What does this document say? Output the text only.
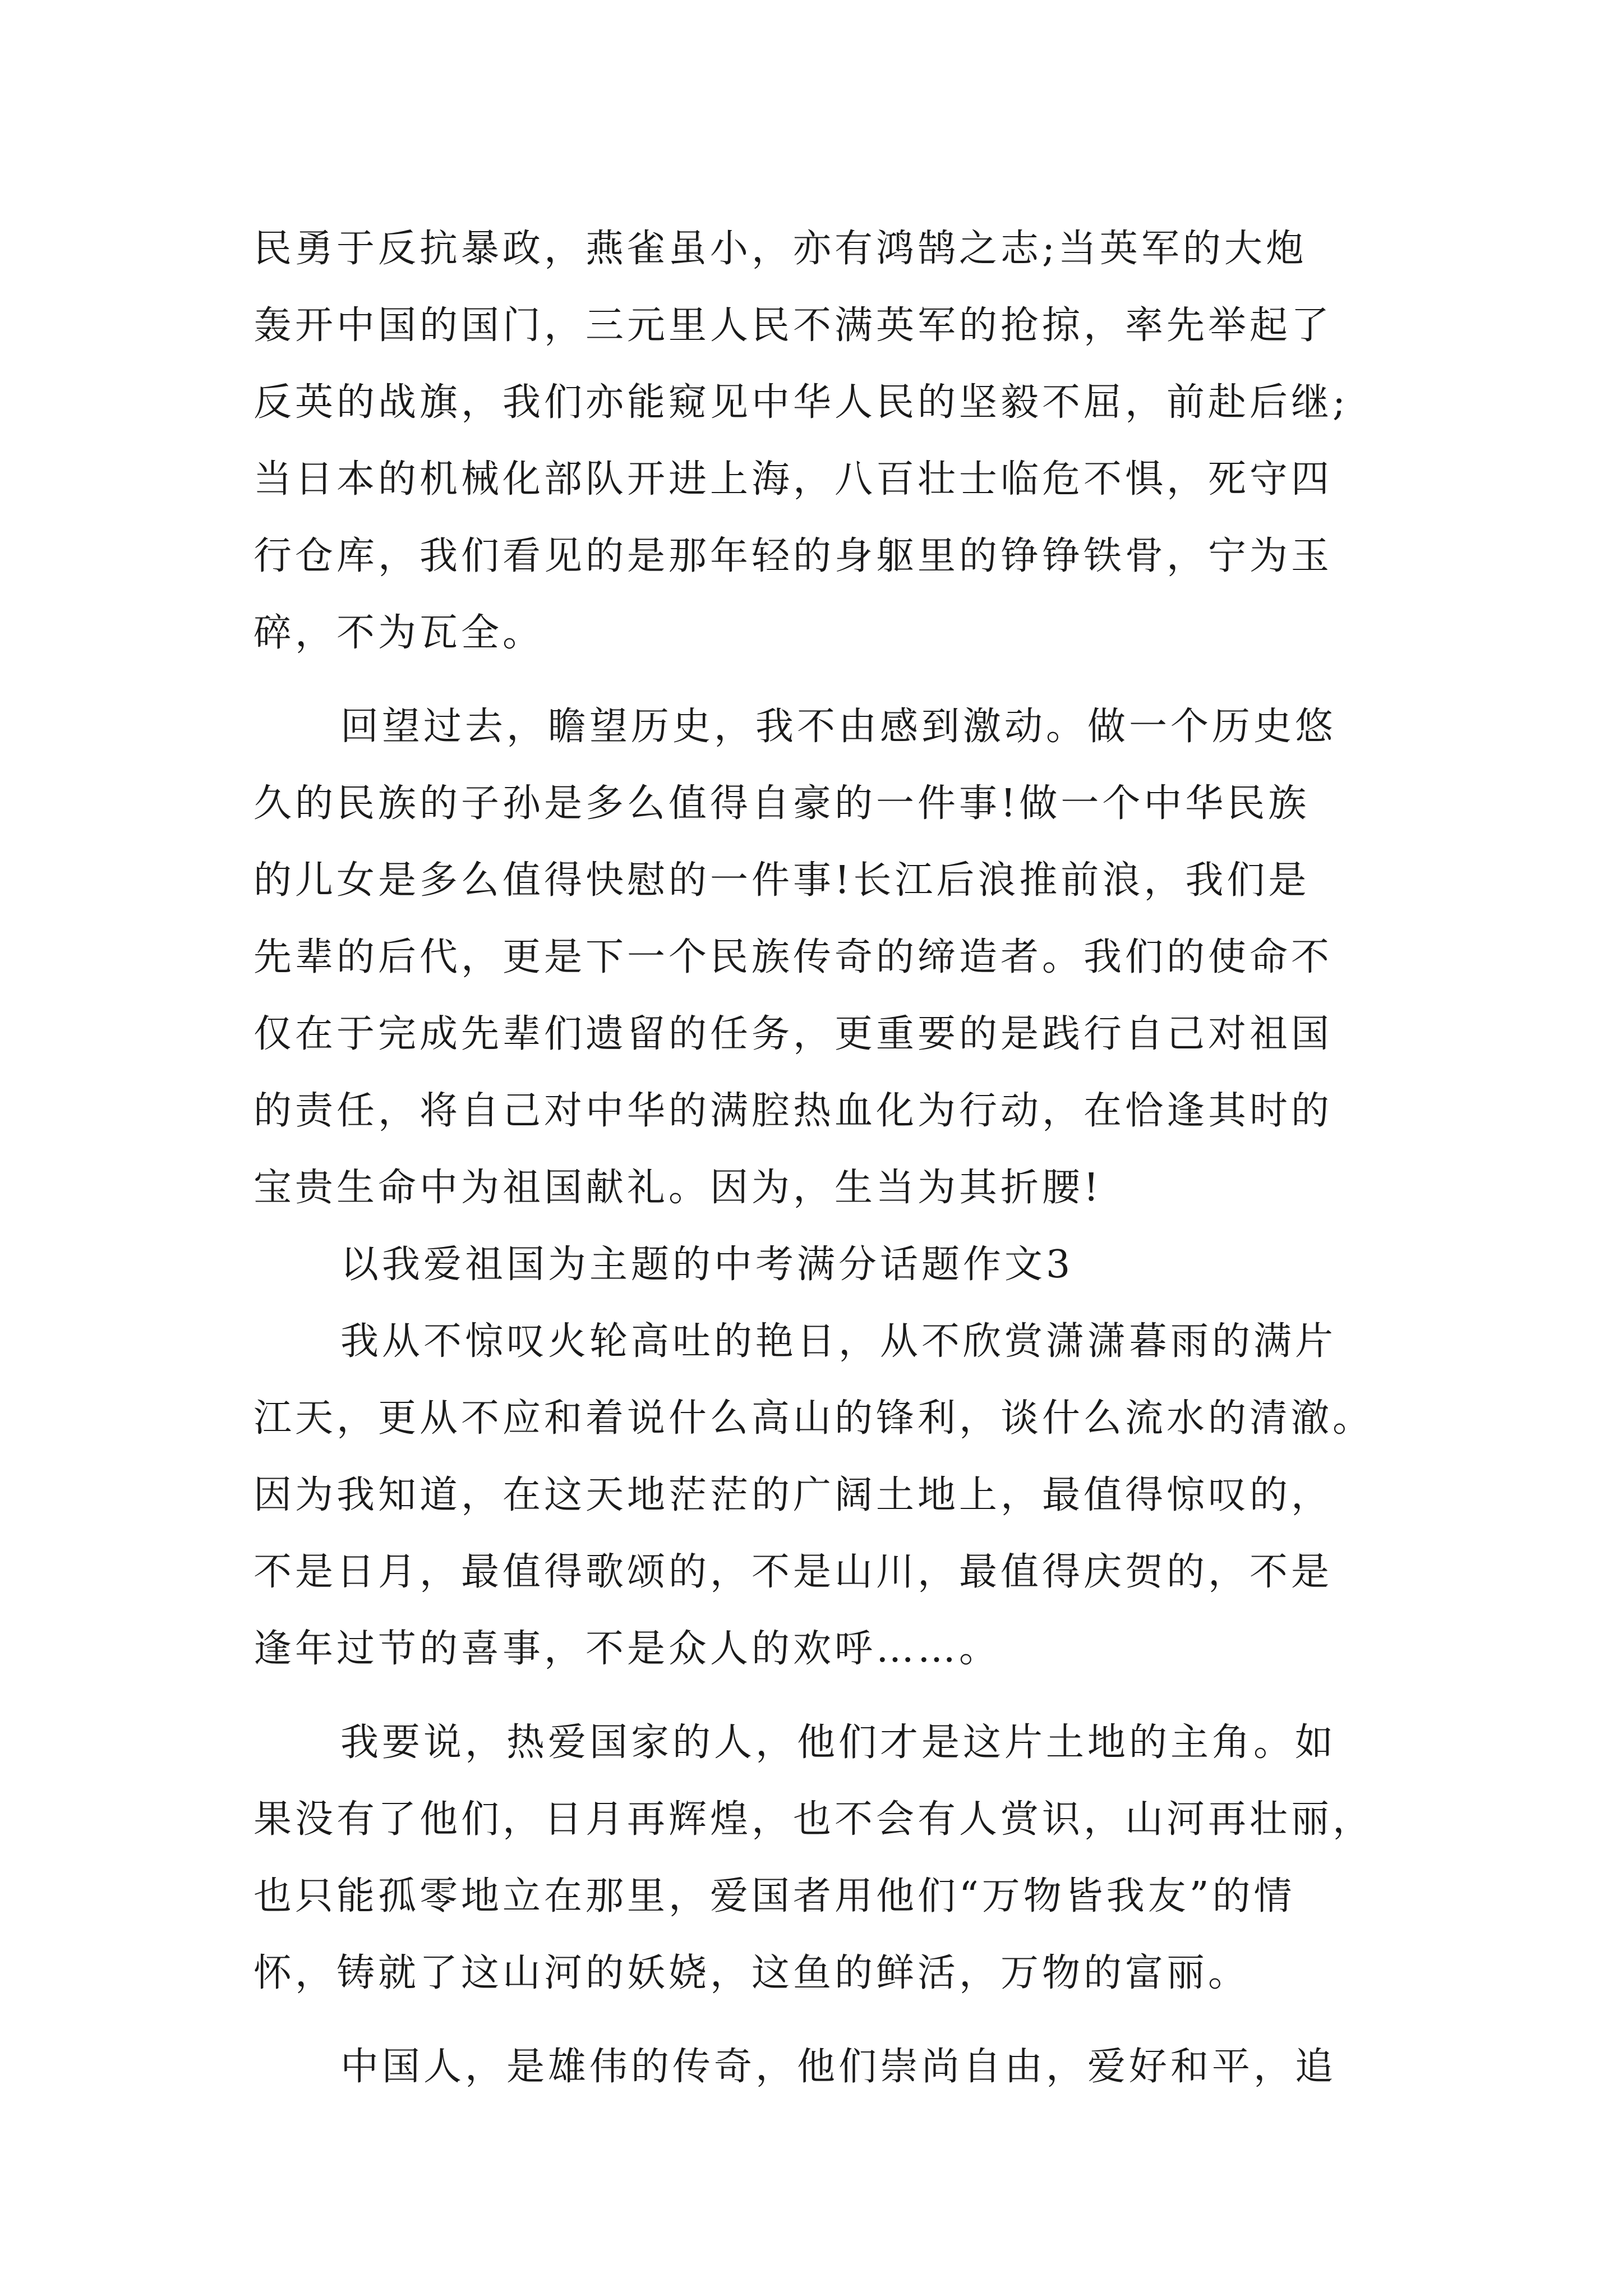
民勇于反抗暴政，燕雀虽小，亦有鸿鹄之志;当英军的大炮
轰开中国的国门，三元里人民不满英军的抢掠，率先举起了
反英的战旗，我们亦能窥见中华人民的坚毅不屈，前赴后继;
当日本的机械化部队开进上海，八百壮士临危不惧，死守四
行仓库，我们看见的是那年轻的身躯里的铮铮铁骨，宁为玉
碎，不为瓦全。
回望过去，瞻望历史，我不由感到激动。做一个历史悠
久的民族的子孙是多么值得自豪的一件事!做一个中华民族
的儿女是多么值得快慰的一件事!长江后浪推前浪，我们是
先辈的后代，更是下一个民族传奇的缔造者。我们的使命不
仅在于完成先辈们遗留的任务，更重要的是践行自己对祖国
的责任，将自己对中华的满腔热血化为行动，在恰逢其时的
宝贵生命中为祖国献礼。因为，生当为其折腰!
以我爱祖国为主题的中考满分话题作文3
我从不惊叹火轮高吐的艳日，从不欣赏潇潇暮雨的满片
江天，更从不应和着说什么高山的锋利，谈什么流水的清澈。
因为我知道，在这天地茫茫的广阔土地上，最值得惊叹的，
不是日月，最值得歌颂的，不是山川，最值得庆贺的，不是
逢年过节的喜事，不是众人的欢呼……。
我要说，热爱国家的人，他们才是这片土地的主角。如
果没有了他们，日月再辉煌，也不会有人赏识，山河再壮丽，
也只能孤零地立在那里，爱国者用他们“万物皆我友”的情
怀，铸就了这山河的妖娆，这鱼的鲜活，万物的富丽。
中国人，是雄伟的传奇，他们崇尚自由，爱好和平，追
